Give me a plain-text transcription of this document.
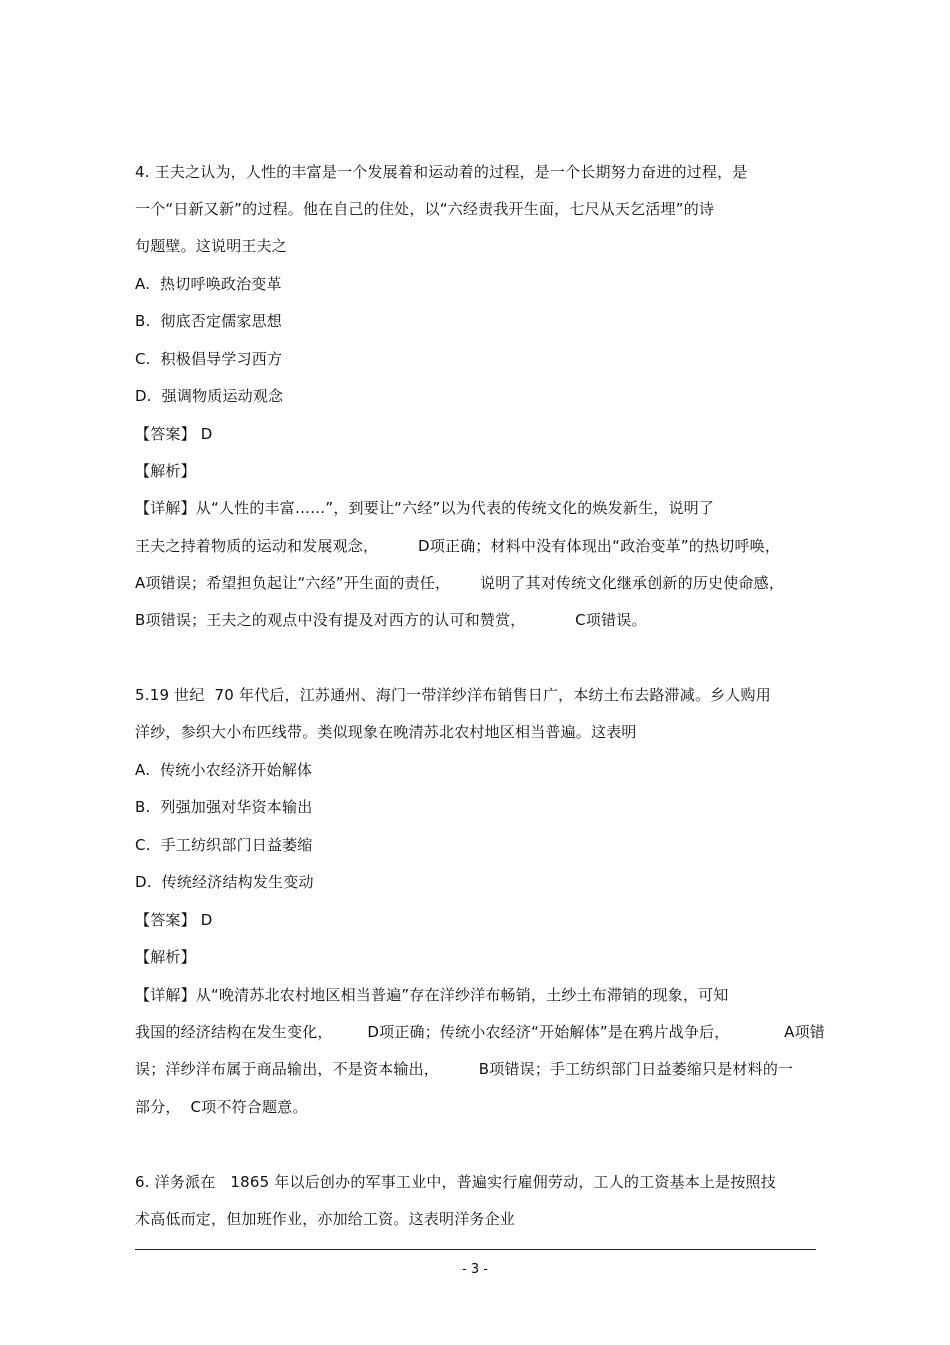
4. 王夫之认为，人性的丰富是一个发展着和运动着的过程，是一个长期努力奋进的过程，是
一个“日新又新”的过程。他在自己的住处，以“六经责我开生面，七尺从天乞活埋”的诗
句题壁。这说明王夫之
A.  热切呼唤政治变革
B.  彻底否定儒家思想
C.  积极倡导学习西方
D.  强调物质运动观念
【答案】 D
【解析】
【详解】从“人性的丰富……”，到要让“六经”以为代表的传统文化的焕发新生，说明了
王夫之持着物质的运动和发展观念，        D项正确；材料中没有体现出“政治变革”的热切呼唤，
A项错误；希望担负起让“六经”开生面的责任，      说明了其对传统文化继承创新的历史使命感，
B项错误；王夫之的观点中没有提及对西方的认可和赞赏，          C项错误。
5.19 世纪  70 年代后，江苏通州、海门一带洋纱洋布销售日广，本纺土布去路滞减。乡人购用
洋纱，参织大小布匹线带。类似现象在晚清苏北农村地区相当普遍。这表明
A.  传统小农经济开始解体
B.  列强加强对华资本输出
C.  手工纺织部门日益萎缩
D.  传统经济结构发生变动
【答案】 D
【解析】
【详解】从“晚清苏北农村地区相当普遍”存在洋纱洋布畅销，土纱土布滞销的现象，可知
我国的经济结构在发生变化，       D项正确；传统小农经济“开始解体”是在鸦片战争后，           A项错
误；洋纱洋布属于商品输出，不是资本输出，        B项错误；手工纺织部门日益萎缩只是材料的一
部分，  C项不符合题意。
6. 洋务派在   1865 年以后创办的军事工业中，普遍实行雇佣劳动，工人的工资基本上是按照技
术高低而定，但加班作业，亦加给工资。这表明洋务企业
- 3 -
